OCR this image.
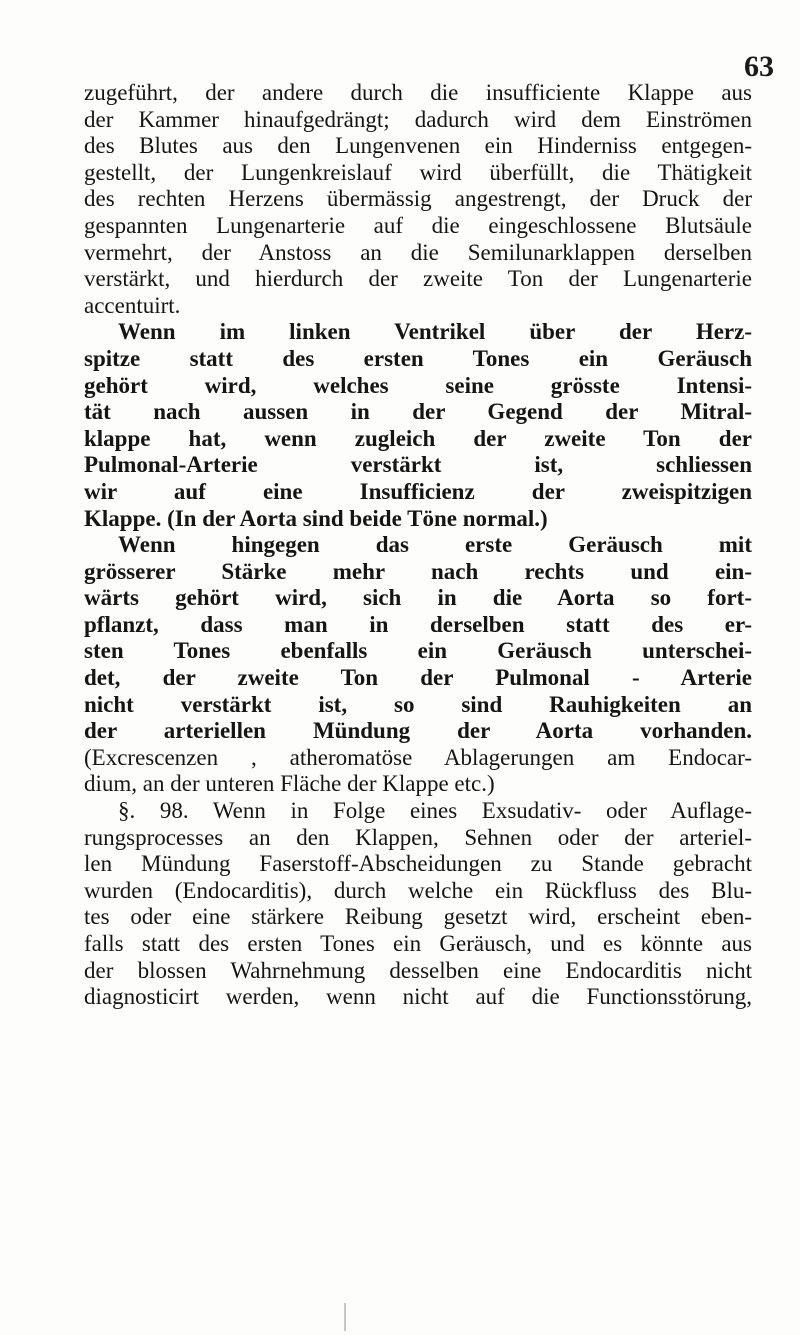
63
zugeführt, der andere durch die insufficiente Klappe aus
der Kammer hinaufgedrängt; dadurch wird dem Einströmen
des Blutes aus den Lungenvenen ein Hinderniss entgegen-
gestellt, der Lungenkreislauf wird überfüllt, die Thätigkeit
des rechten Herzens übermässig angestrengt, der Druck der
gespannten Lungenarterie auf die eingeschlossene Blutsäule
vermehrt, der Anstoss an die Semilunarklappen derselben
verstärkt, und hierdurch der zweite Ton der Lungenarterie
accentuirt.
Wenn im linken Ventrikel über der Herz-
spitze statt des ersten Tones ein Geräusch
gehört wird, welches seine grösste Intensi-
tät nach aussen in der Gegend der Mitral-
klappe hat, wenn zugleich der zweite Ton der
Pulmonal-Arterie verstärkt ist, schliessen
wir auf eine Insufficienz der zweispitzigen
Klappe. (In der Aorta sind beide Töne normal.)
Wenn hingegen das erste Geräusch mit
grösserer Stärke mehr nach rechts und ein-
wärts gehört wird, sich in die Aorta so fort-
pflanzt, dass man in derselben statt des er-
sten Tones ebenfalls ein Geräusch unterschei-
det, der zweite Ton der Pulmonal - Arterie
nicht verstärkt ist, so sind Rauhigkeiten an
der arteriellen Mündung der Aorta vorhanden.
(Excrescenzen , atheromatöse Ablagerungen am Endocar-
dium, an der unteren Fläche der Klappe etc.)
§. 98. Wenn in Folge eines Exsudativ- oder Auflage-
rungsprocesses an den Klappen, Sehnen oder der arteriel-
len Mündung Faserstoff-Abscheidungen zu Stande gebracht
wurden (Endocarditis), durch welche ein Rückfluss des Blu-
tes oder eine stärkere Reibung gesetzt wird, erscheint eben-
falls statt des ersten Tones ein Geräusch, und es könnte aus
der blossen Wahrnehmung desselben eine Endocarditis nicht
diagnosticirt werden, wenn nicht auf die Functionsstörung,
